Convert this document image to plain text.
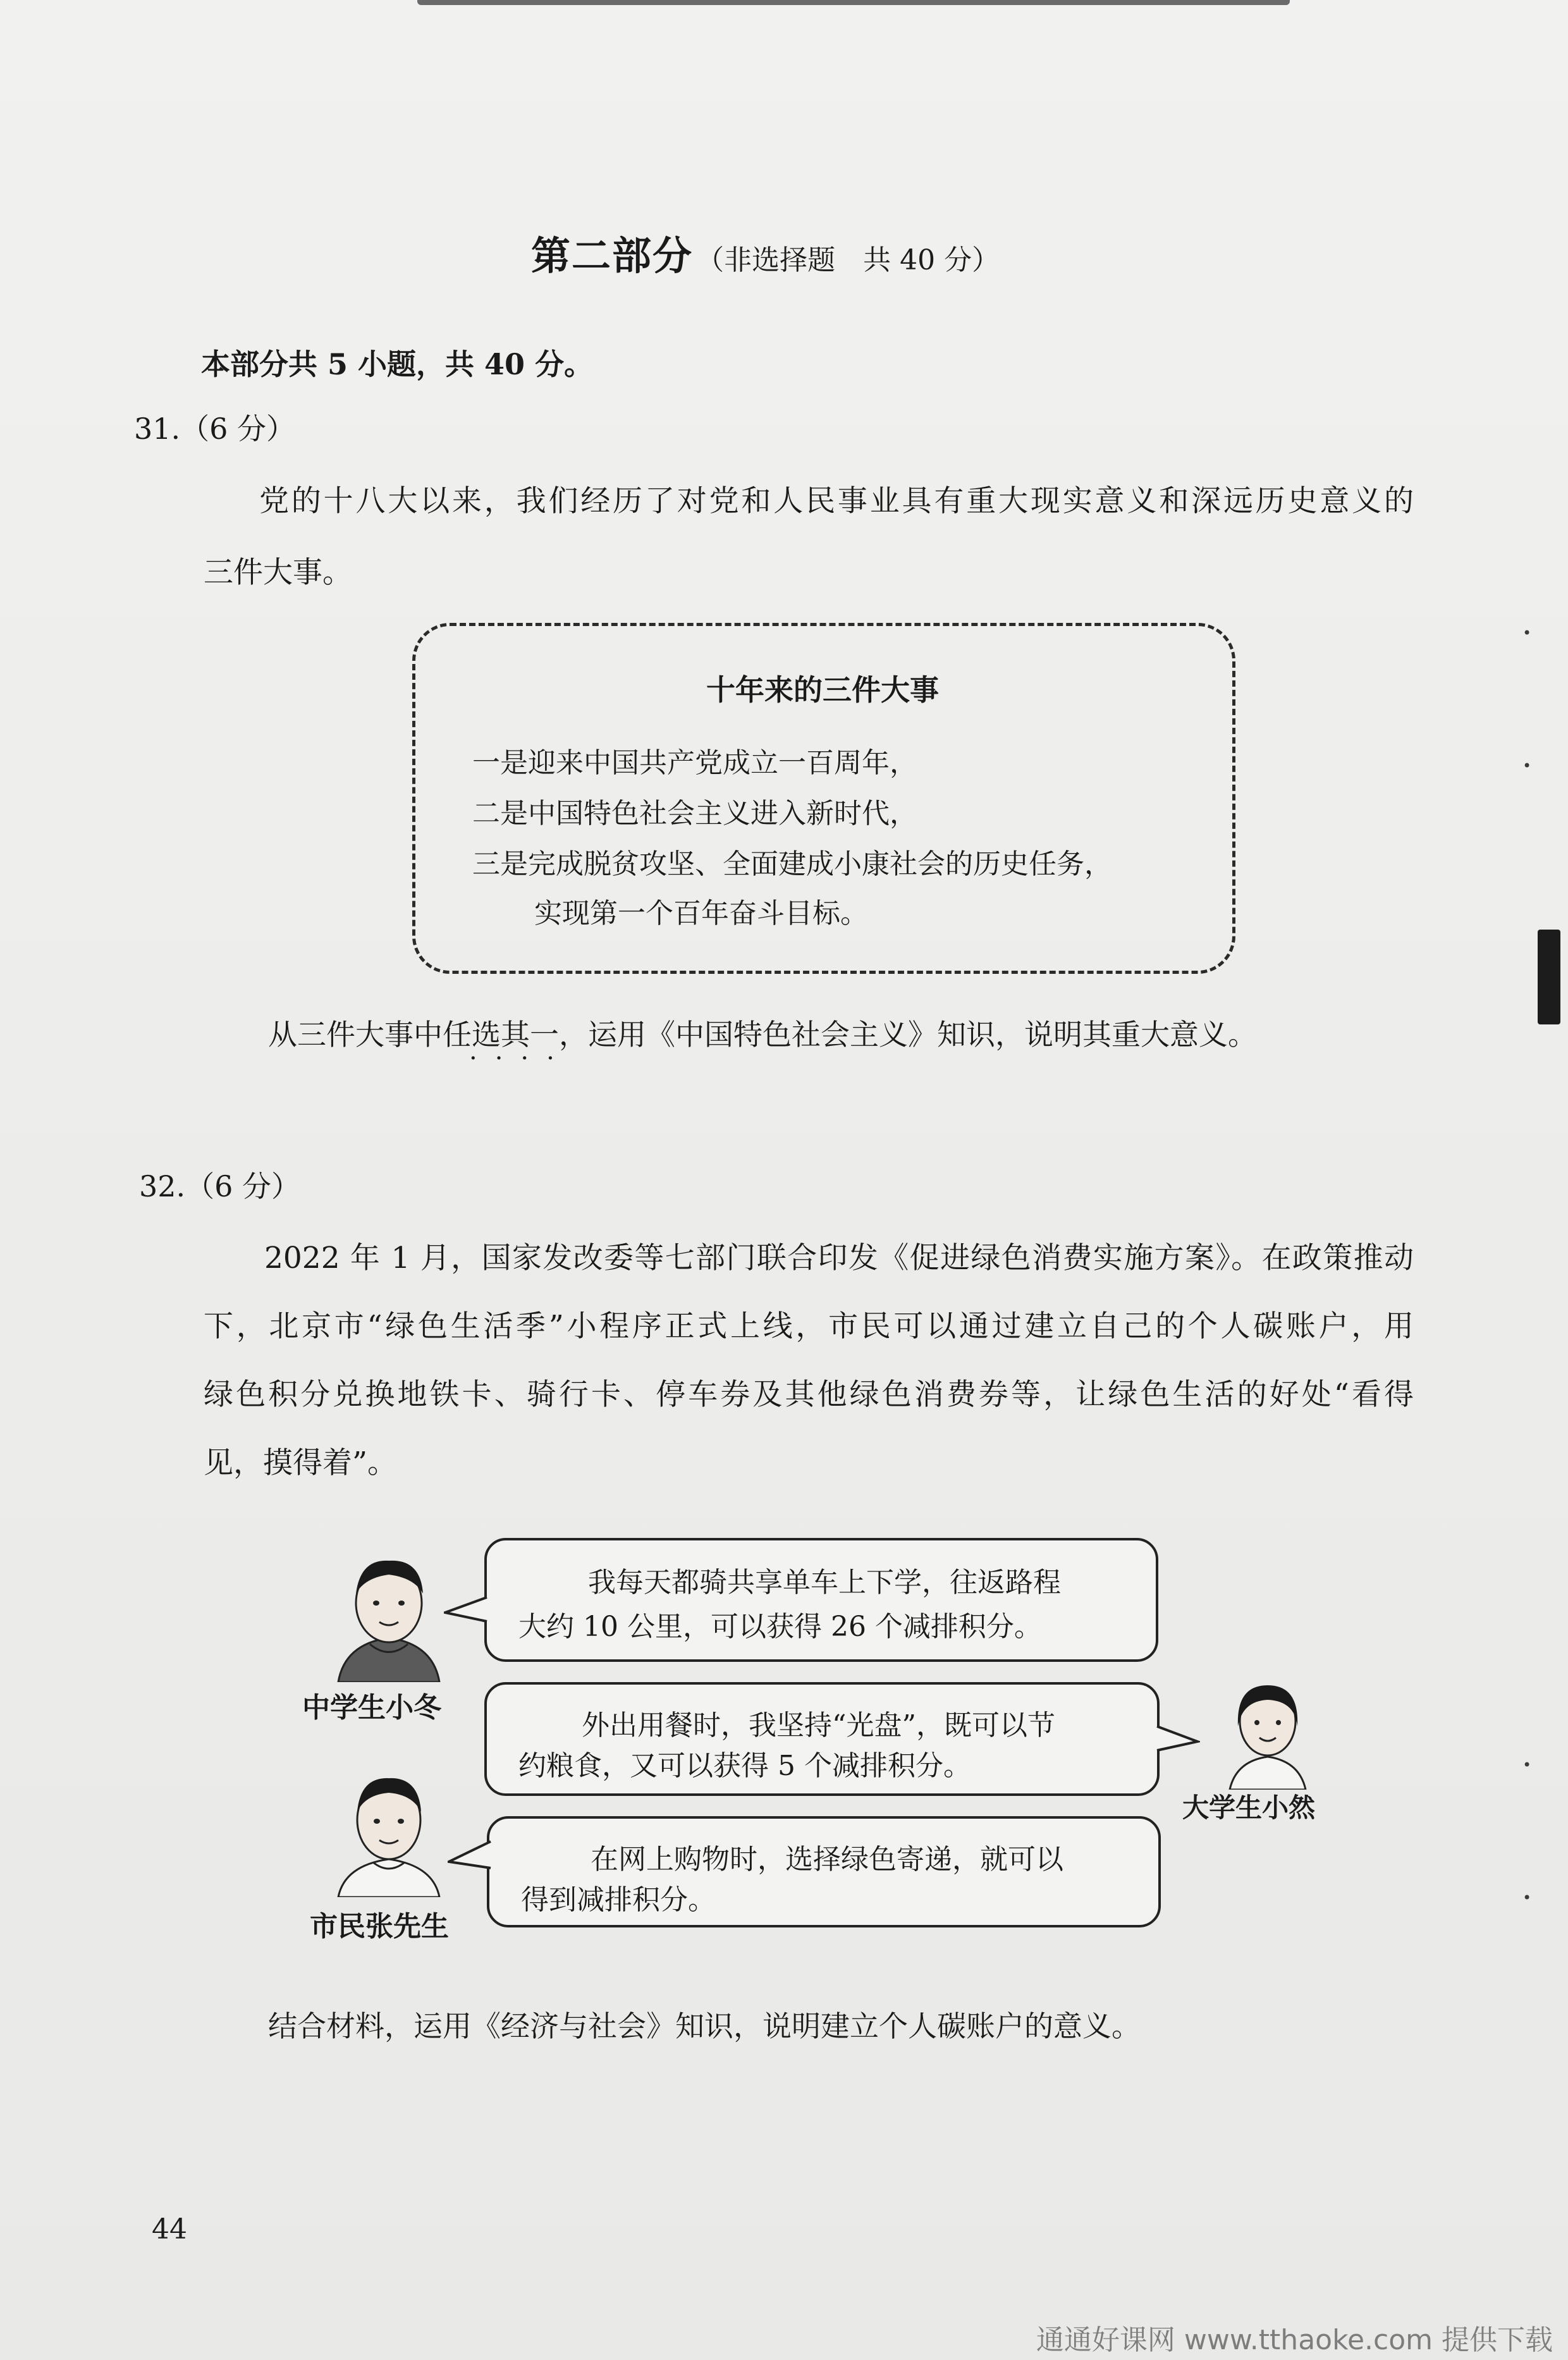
•
•
•
•
第二部分 （非选择题　共 40 分）
本部分共 5 小题，共 40 分。
31.（6 分）
党的十八大以来，我们经历了对党和人民事业具有重大现实意义和深远历史意义的
三件大事。
十年来的三件大事
一是迎来中国共产党成立一百周年，
二是中国特色社会主义进入新时代，
三是完成脱贫攻坚、全面建成小康社会的历史任务，
实现第一个百年奋斗目标。
从三件大事中任选其一，运用《中国特色社会主义》知识，说明其重大意义。
····
32.（6 分）
2022 年 1 月，国家发改委等七部门联合印发《促进绿色消费实施方案》。在政策推动
下，北京市“绿色生活季”小程序正式上线，市民可以通过建立自己的个人碳账户，用
绿色积分兑换地铁卡、骑行卡、停车券及其他绿色消费券等，让绿色生活的好处“看得
见，摸得着”。
中学生小冬
我每天都骑共享单车上下学，往返路程
大约 10 公里，可以获得 26 个减排积分。
大学生小然
外出用餐时，我坚持“光盘”，既可以节
约粮食，又可以获得 5 个减排积分。
市民张先生
在网上购物时，选择绿色寄递，就可以
得到减排积分。
结合材料，运用《经济与社会》知识，说明建立个人碳账户的意义。
44
通通好课网 www.tthaoke.com 提供下载
